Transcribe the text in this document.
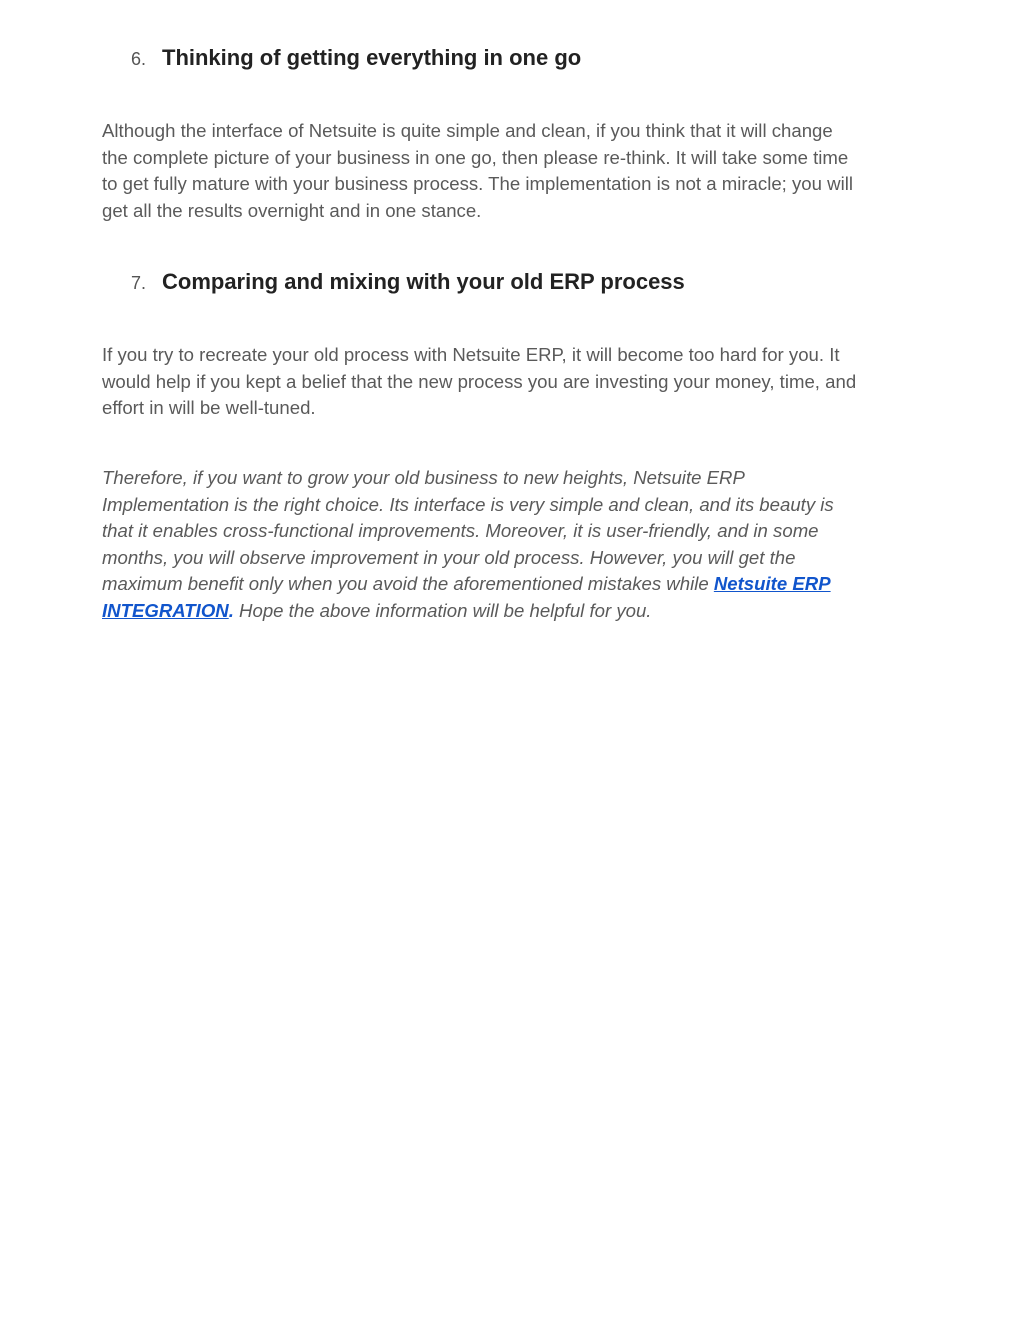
6. Thinking of getting everything in one go

Although the interface of Netsuite is quite simple and clean, if you think that it will change
the complete picture of your business in one go, then please re-think. It will take some time
to get fully mature with your business process. The implementation is not a miracle; you will
get all the results overnight and in one stance.

7. Comparing and mixing with your old ERP process

If you try to recreate your old process with Netsuite ERP, it will become too hard for you. It
would help if you kept a belief that the new process you are investing your money, time, and
effort in will be well-tuned.

Therefore, if you want to grow your old business to new heights, Netsuite ERP
Implementation is the right choice. Its interface is very simple and clean, and its beauty is
that it enables cross-functional improvements. Moreover, it is user-friendly, and in some
months, you will observe improvement in your old process. However, you will get the
maximum benefit only when you avoid the aforementioned mistakes while Netsuite ERP
INTEGRATION. Hope the above information will be helpful for you.
